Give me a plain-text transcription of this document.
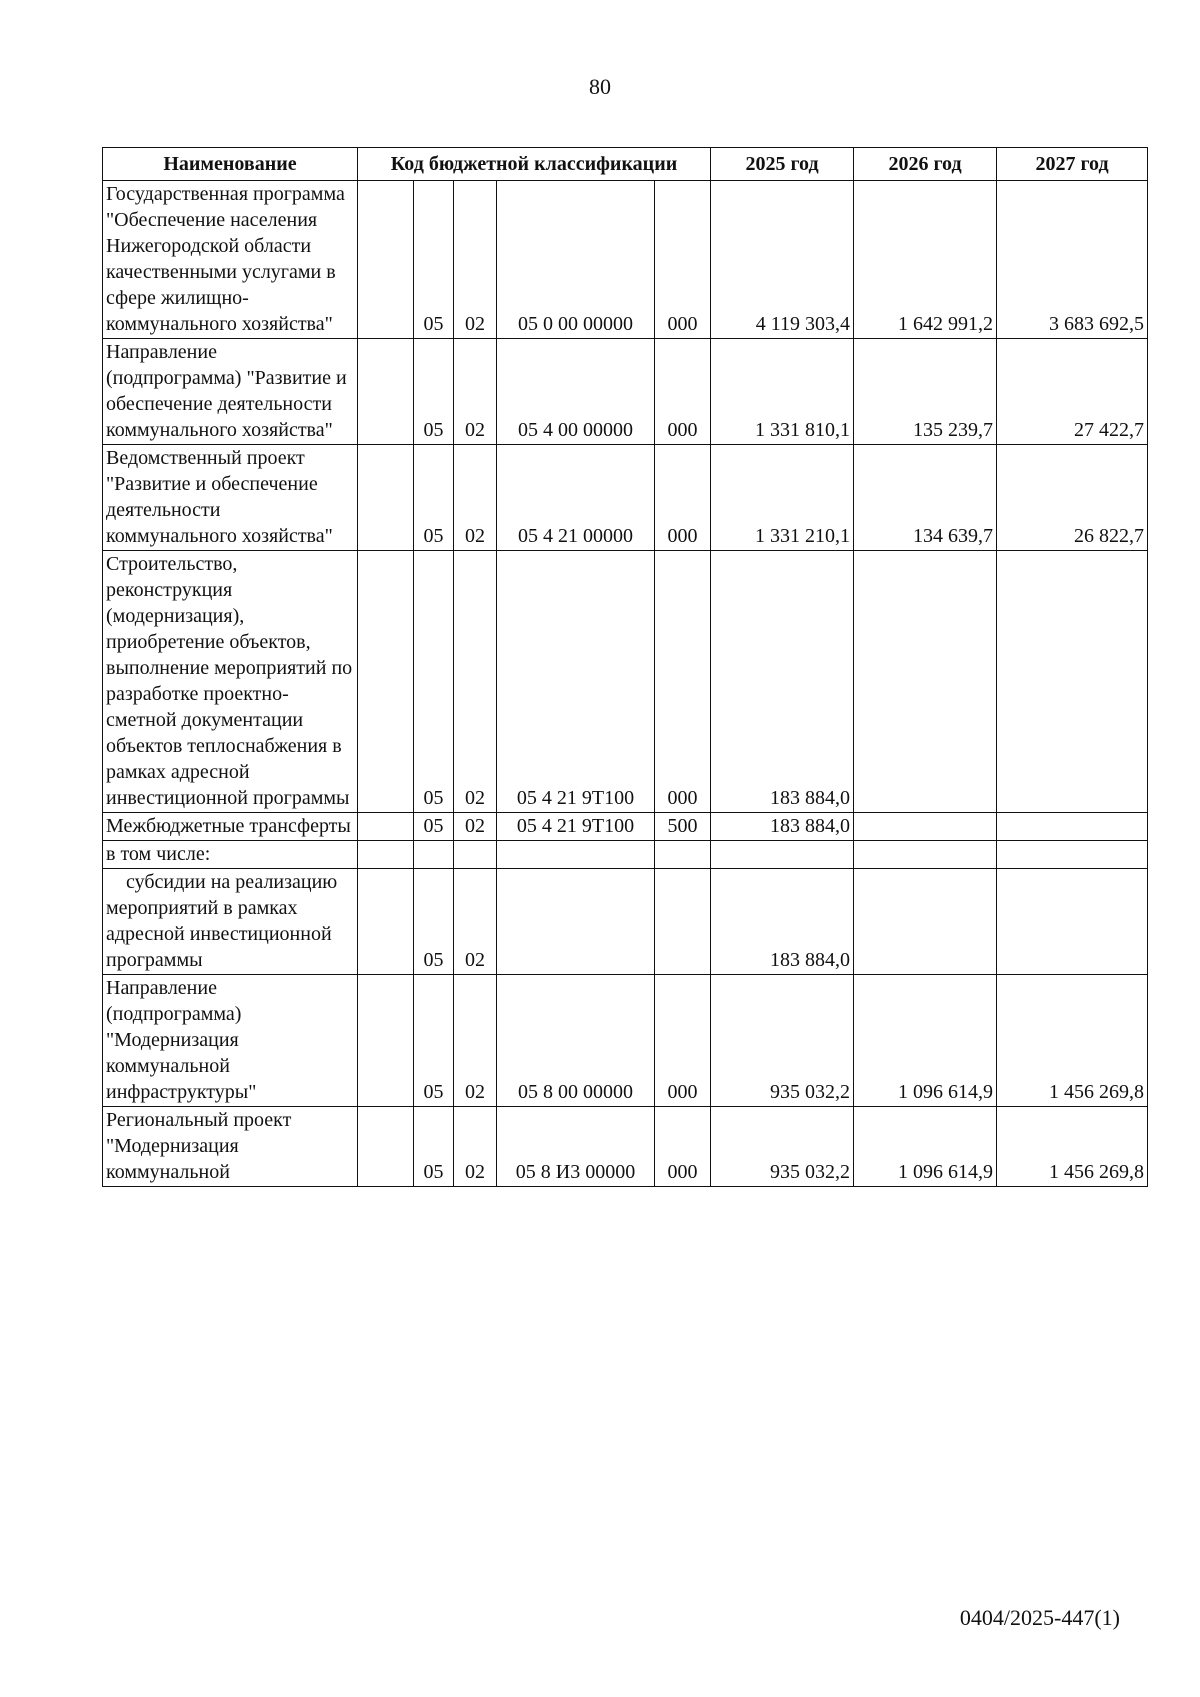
80
Наименование	Код бюджетной классификации					2025 год	2026 год	2027 год
Государственная программа "Обеспечение населения Нижегородской области качественными услугами в сфере жилищно-коммунального хозяйства"		05	02	05 0 00 00000	000	4 119 303,4	1 642 991,2	3 683 692,5
Направление (подпрограмма) "Развитие и обеспечение деятельности коммунального хозяйства"		05	02	05 4 00 00000	000	1 331 810,1	135 239,7	27 422,7
Ведомственный проект "Развитие и обеспечение деятельности коммунального хозяйства"		05	02	05 4 21 00000	000	1 331 210,1	134 639,7	26 822,7
Строительство, реконструкция (модернизация), приобретение объектов, выполнение мероприятий по разработке проектно-сметной документации объектов теплоснабжения в рамках адресной инвестиционной программы		05	02	05 4 21 9Т100	000	183 884,0		
Межбюджетные трансферты		05	02	05 4 21 9Т100	500	183 884,0		
в том числе:								

субсидии на реализацию мероприятий в рамках адресной инвестиционной программы		05	02			183 884,0		
Направление (подпрограмма) "Модернизация коммунальной инфраструктуры"		05	02	05 8 00 00000	000	935 032,2	1 096 614,9	1 456 269,8
Региональный проект "Модернизация коммунальной		05	02	05 8 И3 00000	000	935 032,2	1 096 614,9	1 456 269,8
0404/2025-447(1)
